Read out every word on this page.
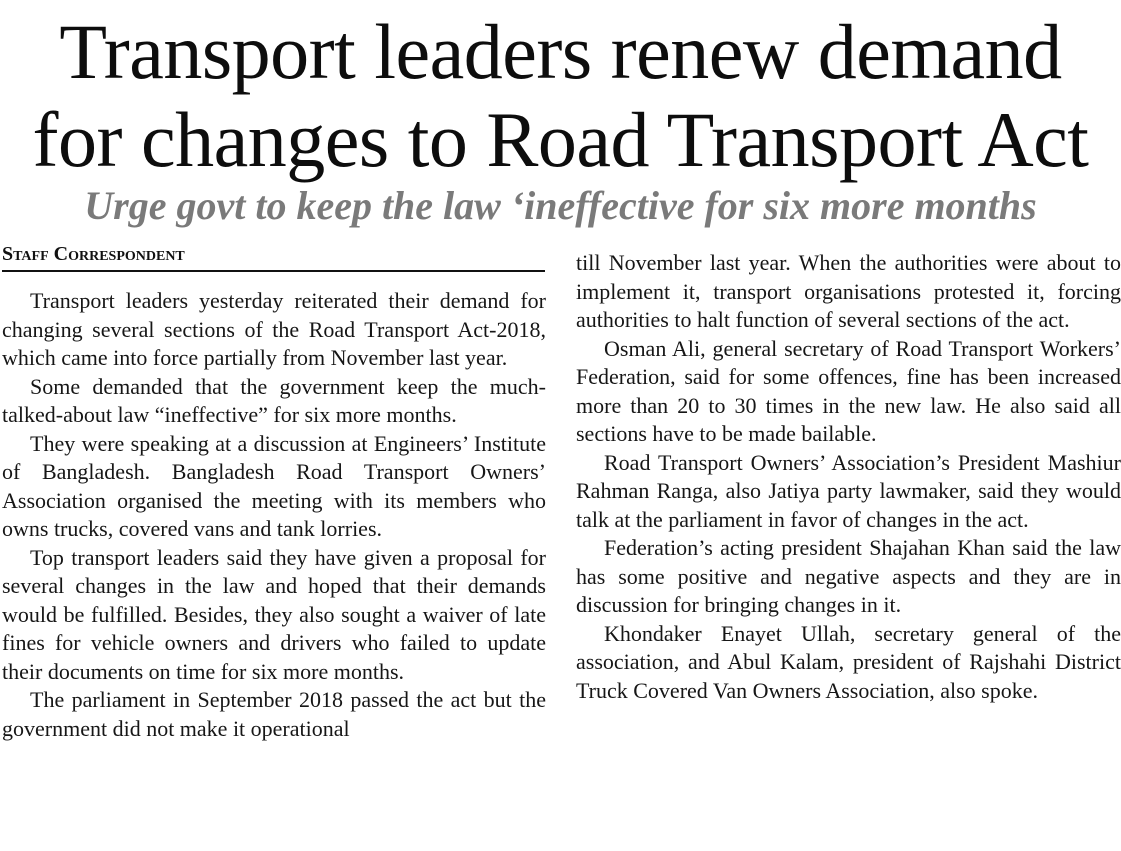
Transport leaders renew demand
for changes to Road Transport Act
Urge govt to keep the law ‘ineffective for six more months
Staff Correspondent

Transport leaders yesterday reiterated their demand for changing several sections of the Road Transport Act-2018, which came into force partially from November last year.

Some demanded that the government keep the much-talked-about law “ineffective” for six more months.

They were speaking at a discussion at Engineers’ Institute of Bangladesh. Bangladesh Road Transport Owners’ Association organised the meeting with its members who owns trucks, covered vans and tank lorries.

Top transport leaders said they have given a proposal for several changes in the law and hoped that their demands would be fulfilled. Besides, they also sought a waiver of late fines for vehicle owners and drivers who failed to update their documents on time for six more months.

The parliament in September 2018 passed the act but the government did not make it operational

till November last year. When the authorities were about to implement it, transport organisations protested it, forcing authorities to halt function of several sections of the act.

Osman Ali, general secretary of Road Transport Workers’ Federation, said for some offences, fine has been increased more than 20 to 30 times in the new law. He also said all sections have to be made bailable.

Road Transport Owners’ Association’s President Mashiur Rahman Ranga, also Jatiya party lawmaker, said they would talk at the parliament in favor of changes in the act.

Federation’s acting president Shajahan Khan said the law has some positive and negative aspects and they are in discussion for bringing changes in it.

Khondaker Enayet Ullah, secretary general of the association, and Abul Kalam, president of Rajshahi District Truck Covered Van Owners Association, also spoke.
